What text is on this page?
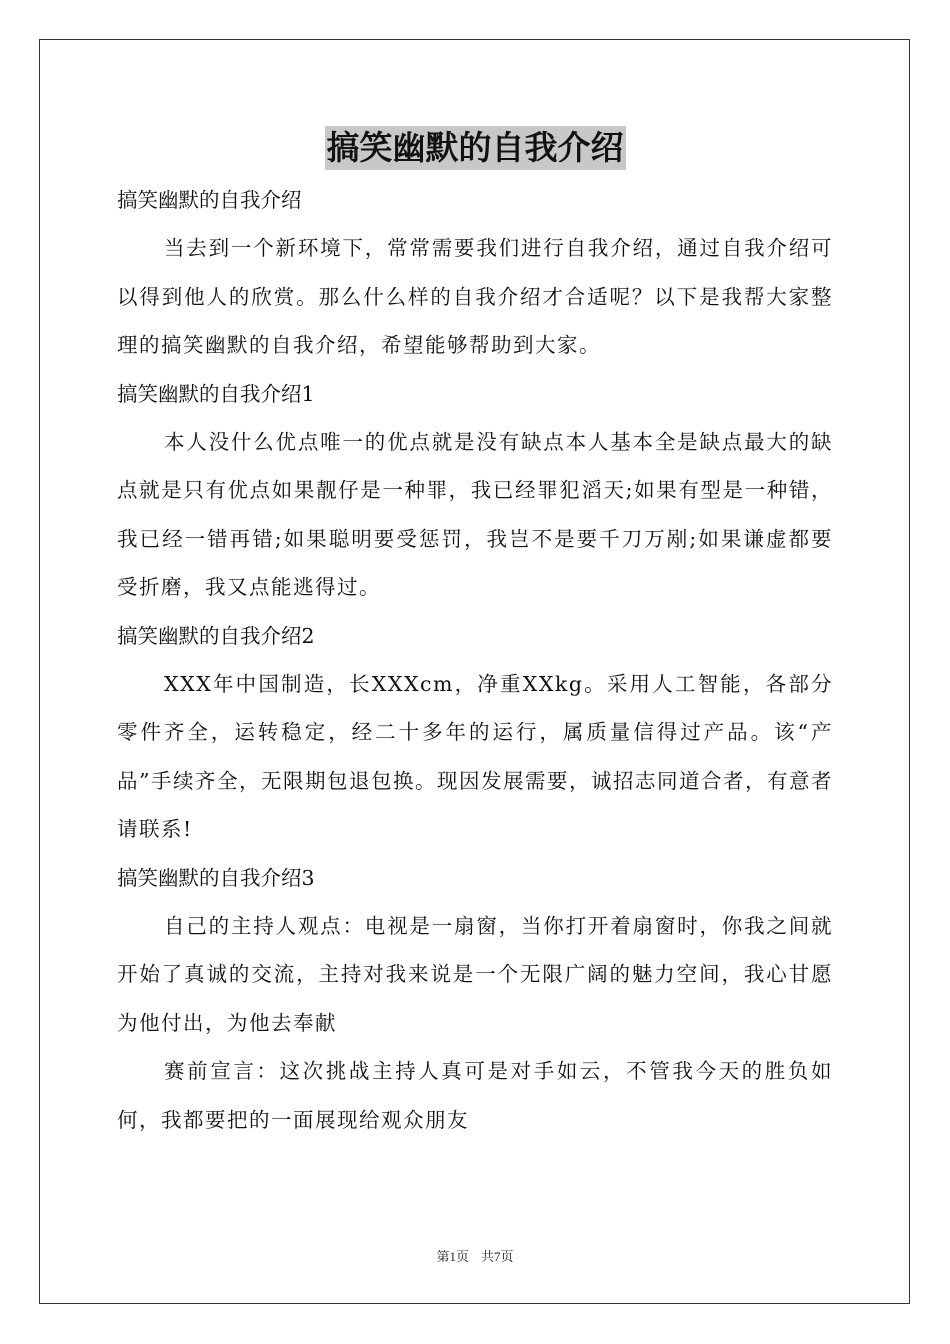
搞笑幽默的自我介绍

搞笑幽默的自我介绍

当去到一个新环境下，常常需要我们进行自我介绍，通过自我介绍可以得到他人的欣赏。那么什么样的自我介绍才合适呢？以下是我帮大家整理的搞笑幽默的自我介绍，希望能够帮助到大家。

搞笑幽默的自我介绍1

本人没什么优点唯一的优点就是没有缺点本人基本全是缺点最大的缺点就是只有优点如果靓仔是一种罪，我已经罪犯滔天;如果有型是一种错，我已经一错再错;如果聪明要受惩罚，我岂不是要千刀万剐;如果谦虚都要受折磨，我又点能逃得过。

搞笑幽默的自我介绍2

XXX年中国制造，长XXXcm，净重XXkg。采用人工智能，各部分零件齐全，运转稳定，经二十多年的运行，属质量信得过产品。该“产品”手续齐全，无限期包退包换。现因发展需要，诚招志同道合者，有意者请联系!

搞笑幽默的自我介绍3

自己的主持人观点：电视是一扇窗，当你打开着扇窗时，你我之间就开始了真诚的交流，主持对我来说是一个无限广阔的魅力空间，我心甘愿为他付出，为他去奉献

赛前宣言：这次挑战主持人真可是对手如云，不管我今天的胜负如何，我都要把的一面展现给观众朋友

第1页 共7页
